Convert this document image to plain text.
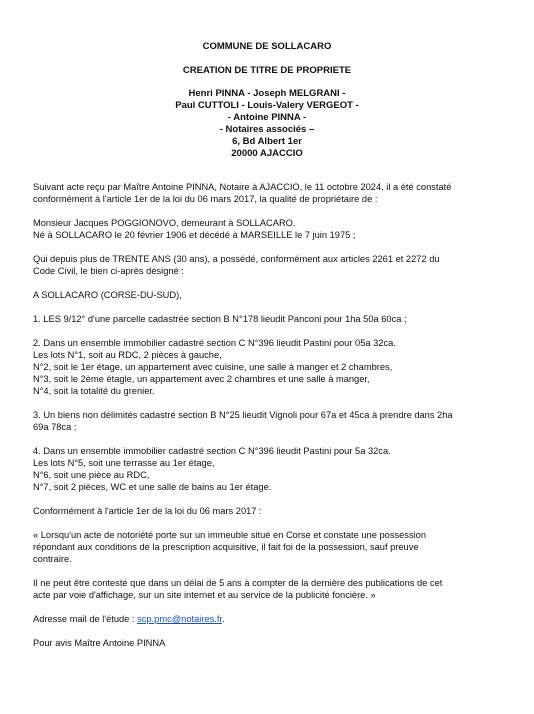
COMMUNE DE SOLLACARO
CREATION DE TITRE DE PROPRIETE
Henri PINNA - Joseph MELGRANI -
Paul CUTTOLI - Louis-Valery VERGEOT -
- Antoine PINNA -
- Notaires associés –
6, Bd Albert 1er
20000 AJACCIO

Suivant acte reçu par Maître Antoine PINNA, Notaire à AJACCIO, le 11 octobre 2024, il a été constaté
conformément à l'article 1er de la loi du 06 mars 2017, la qualité de propriétaire de :

Monsieur Jacques POGGIONOVO, demeurant à SOLLACARO.
Né à SOLLACARO le 20 février 1906 et décédé à MARSEILLE le 7 juin 1975 ;

Qui depuis plus de TRENTE ANS (30 ans), a possédé, conformément aux articles 2261 et 2272 du
Code Civil, le bien ci-après désigné :

A SOLLACARO (CORSE-DU-SUD),

1. LES 9/12° d'une parcelle cadastrée section B N°178 lieudit Panconi pour 1ha 50a 60ca ;

2. Dans un ensemble immobilier cadastré section C N°396 lieudit Pastini pour 05a 32ca.
Les lots N°1, soit au RDC, 2 pièces à gauche,
N°2, soit le 1er étage, un appartement avec cuisine, une salle à manger et 2 chambres,
N°3, soit le 2ème étagle, un appartement avec 2 chambres et une salle à manger,
N°4, soit la totalité du grenier.

3. Un biens non délimités cadastré section B N°25 lieudit Vignoli pour 67a et 45ca à prendre dans 2ha
69a 78ca ;

4. Dans un ensemble immobilier cadastré section C N°396 lieudit Pastini pour 5a 32ca.
Les lots N°5, soit une terrasse au 1er étage,
N°6, soit une pièce au RDC,
N°7, soit 2 pièces, WC et une salle de bains au 1er étage.

Conformément à l'article 1er de la loi du 06 mars 2017 :

« Lorsqu'un acte de notoriété porte sur un immeuble situé en Corse et constate une possession
répondant aux conditions de la prescription acquisitive, il fait foi de la possession, sauf preuve
contraire.

Il ne peut être contesté que dans un délai de 5 ans à compter de la dernière des publications de cet
acte par voie d'affichage, sur un site internet et au service de la publicité foncière. »

Adresse mail de l'étude : scp.pmc@notaires.fr.

Pour avis Maître Antoine PINNA
